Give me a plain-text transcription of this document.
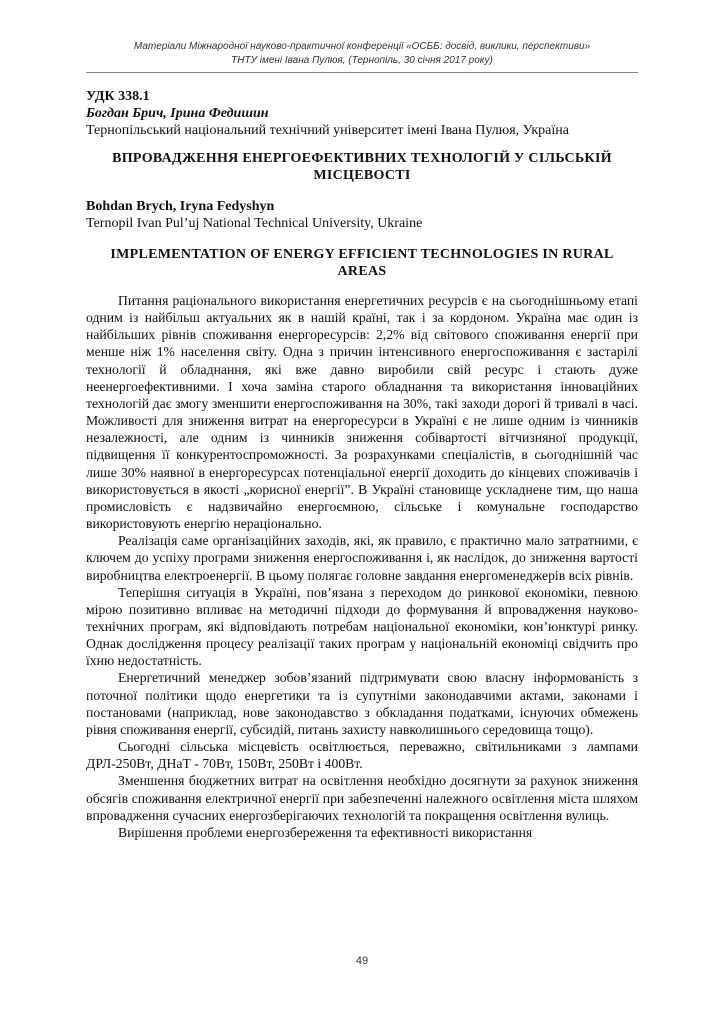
Матеріали Міжнародної науково-практичної конференції «ОСББ: досвід, виклики, перспективи»
ТНТУ імені Івана Пулюя, (Тернопіль, 30 січня 2017 року)
УДК 338.1
Богдан Брич, Ірина Федишин
Тернопільський національний технічний університет імені Івана Пулюя, Україна
ВПРОВАДЖЕННЯ ЕНЕРГОЕФЕКТИВНИХ ТЕХНОЛОГІЙ У СІЛЬСЬКІЙ МІСЦЕВОСТІ
Bohdan Brych, Iryna Fedyshyn
Ternopil Ivan Pul’uj National Technical University, Ukraine
IMPLEMENTATION OF ENERGY EFFICIENT TECHNOLOGIES IN RURAL AREAS

Питання раціонального використання енергетичних ресурсів є на сьогоднішньому етапі одним із найбільш актуальних як в нашій країні, так і за кордоном. Україна має один із найбільших рівнів споживання енергоресурсів: 2,2% від світового споживання енергії при менше ніж 1% населення світу. Одна з причин інтенсивного енергоспоживання є застарілі технології й обладнання, які вже давно виробили свій ресурс і стають дуже неенергоефективними. І хоча заміна старого обладнання та використання інноваційних технологій дає змогу зменшити енергоспоживання на 30%, такі заходи дорогі й тривалі в часі. Можливості для зниження витрат на енергоресурси в Україні є не лише одним із чинників незалежності, але одним із чинників зниження собівартості вітчизняної продукції, підвищення її конкурентоспроможності. За розрахунками спеціалістів, в сьогоднішній час лише 30% наявної в енергоресурсах потенціальної енергії доходить до кінцевих споживачів і використовується в якості „корисної енергії”. В Україні становище ускладнене тим, що наша промисловість є надзвичайно енергоємною, сільське і комунальне господарство використовують енергію нераціонально.

Реалізація саме організаційних заходів, які, як правило, є практично мало затратними, є ключем до успіху програми зниження енергоспоживання і, як наслідок, до зниження вартості виробництва електроенергії. В цьому полягає головне завдання енергоменеджерів всіх рівнів.

Теперішня ситуація в Україні, пов’язана з переходом до ринкової економіки, певною мірою позитивно впливає на методичні підходи до формування й впровадження науково-технічних програм, які відповідають потребам національної економіки, кон’юнктурі ринку. Однак дослідження процесу реалізації таких програм у національній економіці свідчить про їхню недостатність.

Енергетичний менеджер зобов’язаний підтримувати свою власну інформованість з поточної політики щодо енергетики та із супутніми законодавчими актами, законами і постановами (наприклад, нове законодавство з обкладання податками, існуючих обмежень рівня споживання енергії, субсидій, питань захисту навколишнього середовища тощо).

Сьогодні сільська місцевість освітлюється, переважно, світильниками з лампами ДРЛ-250Вт, ДНаТ - 70Вт, 150Вт, 250Вт і 400Вт.

Зменшення бюджетних витрат на освітлення необхідно досягнути за рахунок зниження обсягів споживання електричної енергії при забезпеченні належного освітлення міста шляхом впровадження сучасних енергозберігаючих технологій та покращення освітлення вулиць.

Вирішення проблеми енергозбереження та ефективності використання

49
